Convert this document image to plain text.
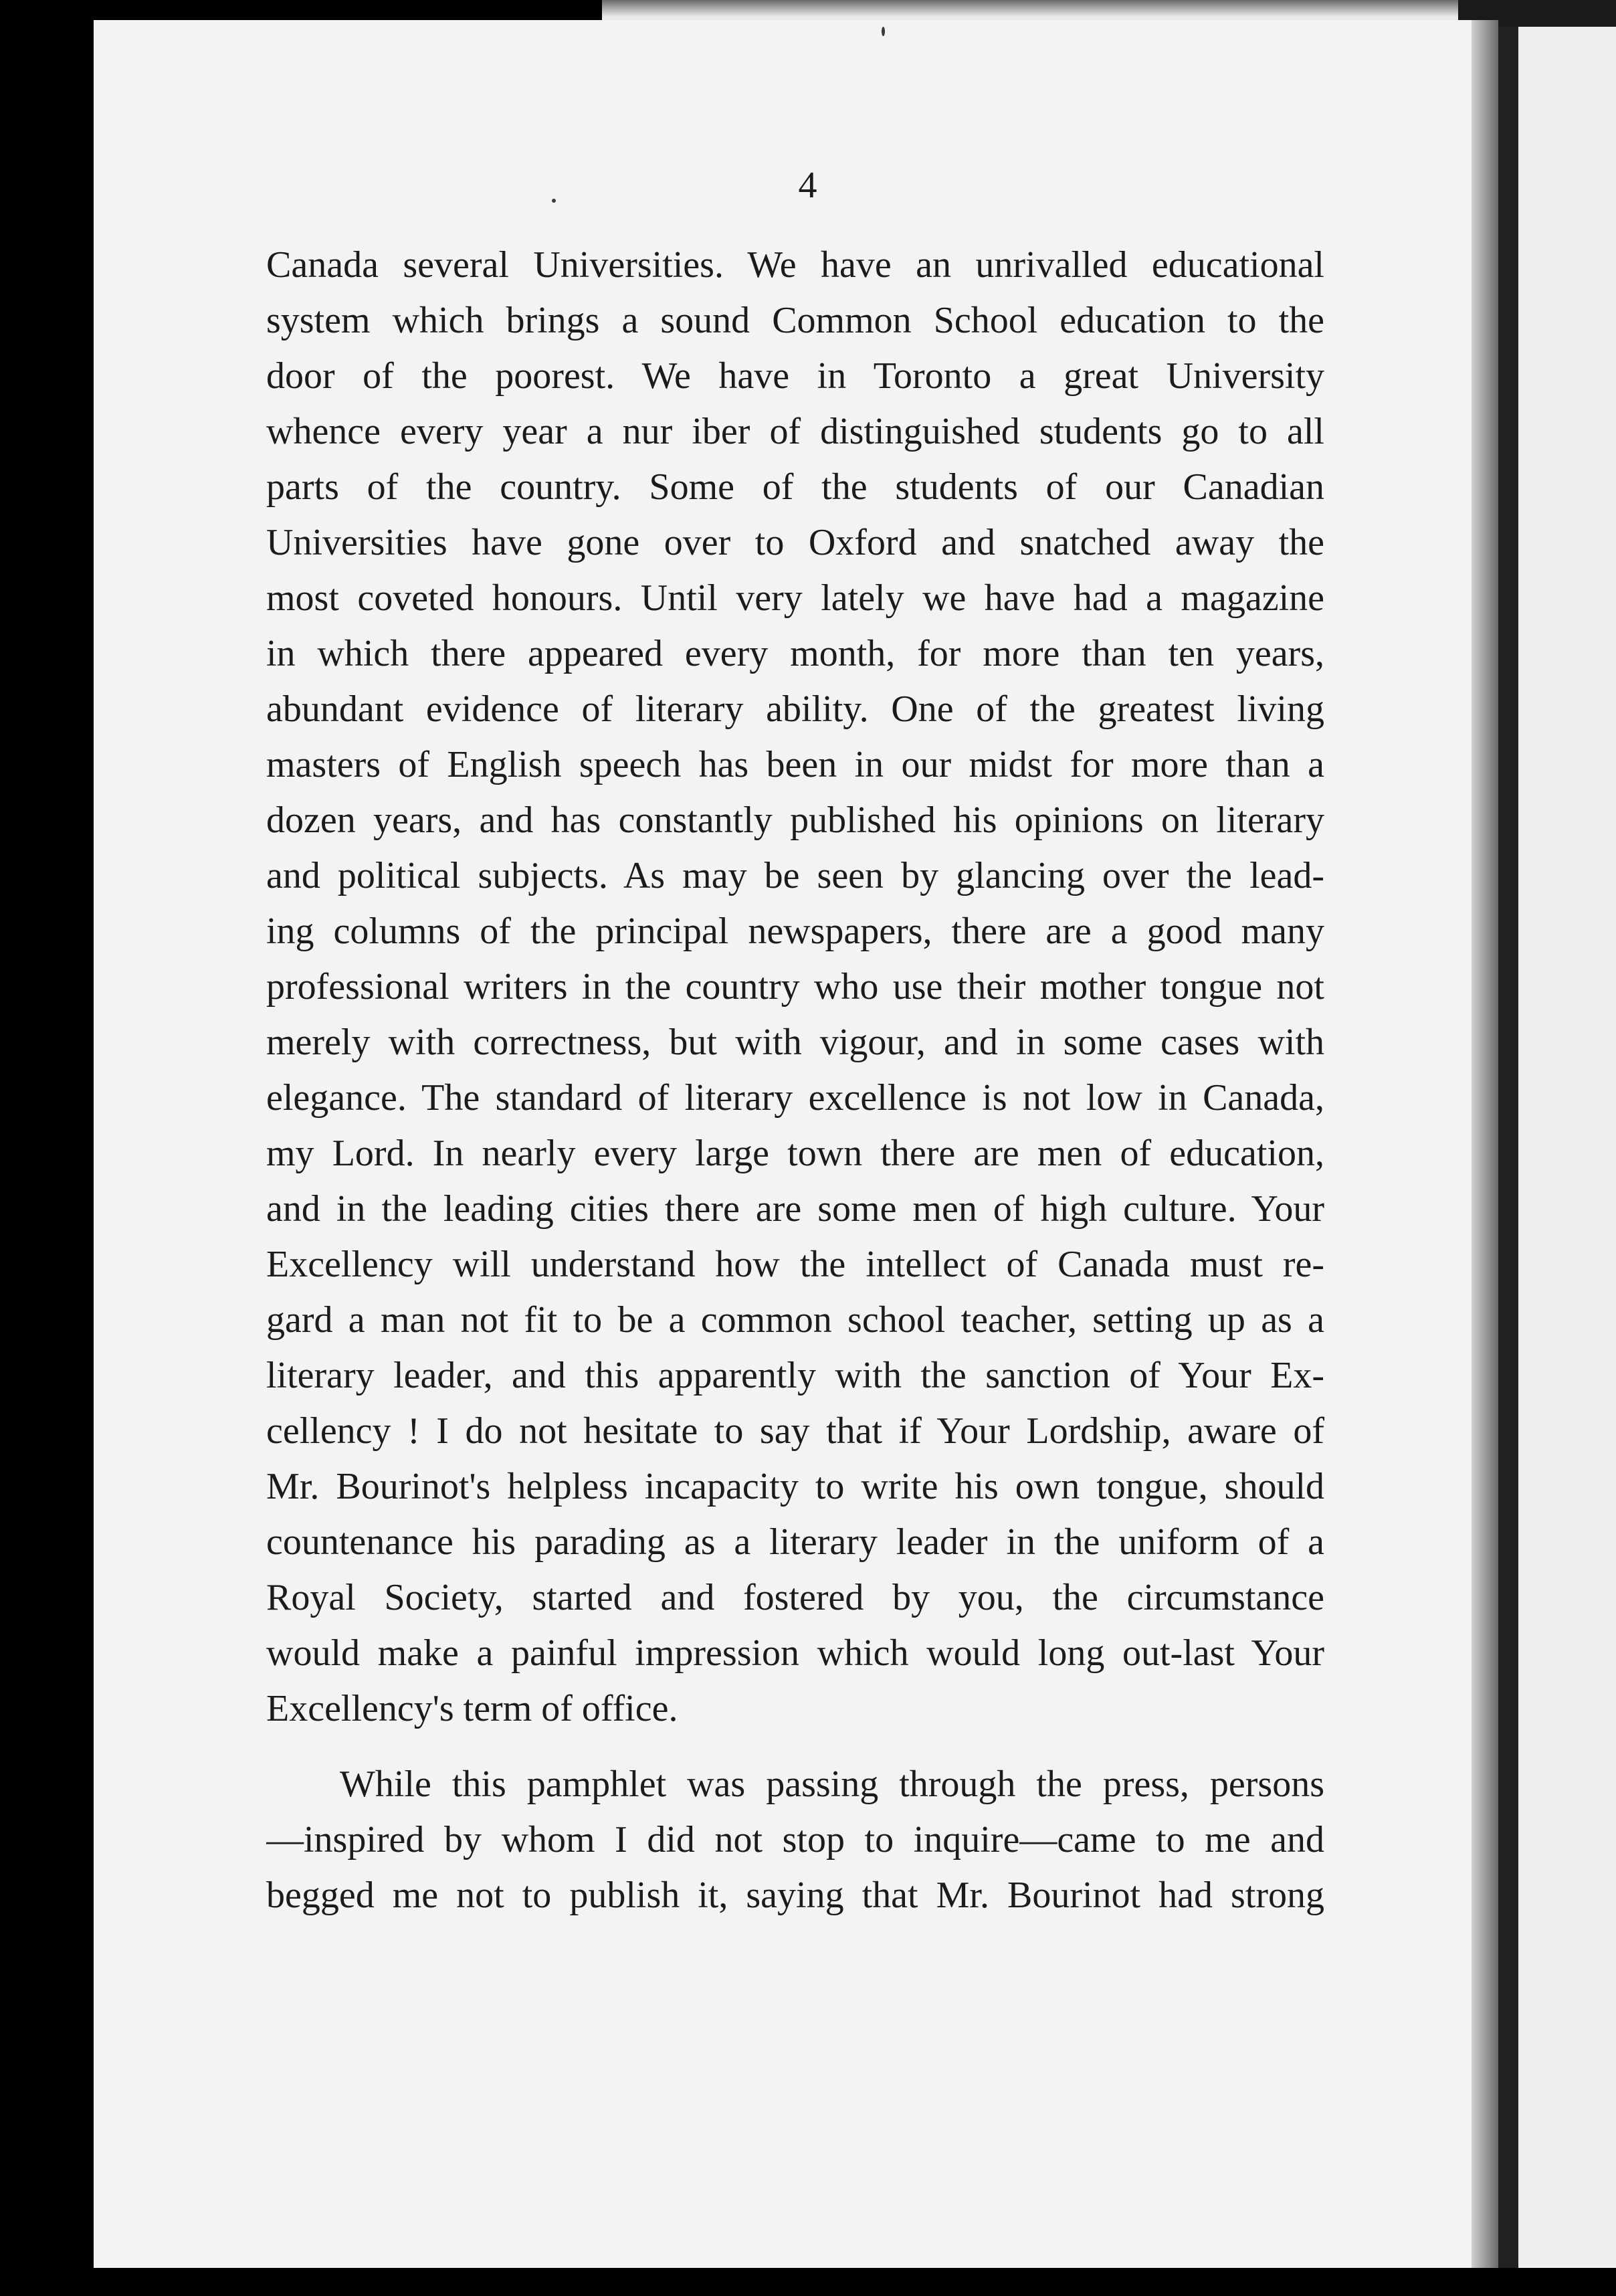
4
Canada several Universities. We have an unrivalled educational
system which brings a sound Common School education to the
door of the poorest. We have in Toronto a great University
whence every year a nur iber of distinguished students go to all
parts of the country. Some of the students of our Canadian
Universities have gone over to Oxford and snatched away the
most coveted honours. Until very lately we have had a magazine
in which there appeared every month, for more than ten years,
abundant evidence of literary ability. One of the greatest living
masters of English speech has been in our midst for more than a
dozen years, and has constantly published his opinions on literary
and political subjects. As may be seen by glancing over the lead-
ing columns of the principal newspapers, there are a good many
professional writers in the country who use their mother tongue not
merely with correctness, but with vigour, and in some cases with
elegance. The standard of literary excellence is not low in Canada,
my Lord. In nearly every large town there are men of education,
and in the leading cities there are some men of high culture. Your
Excellency will understand how the intellect of Canada must re-
gard a man not fit to be a common school teacher, setting up as a
literary leader, and this apparently with the sanction of Your Ex-
cellency ! I do not hesitate to say that if Your Lordship, aware of
Mr. Bourinot's helpless incapacity to write his own tongue, should
countenance his parading as a literary leader in the uniform of a
Royal Society, started and fostered by you, the circumstance
would make a painful impression which would long out-last Your
Excellency's term of office.
While this pamphlet was passing through the press, persons
—inspired by whom I did not stop to inquire—came to me and
begged me not to publish it, saying that Mr. Bourinot had strong
